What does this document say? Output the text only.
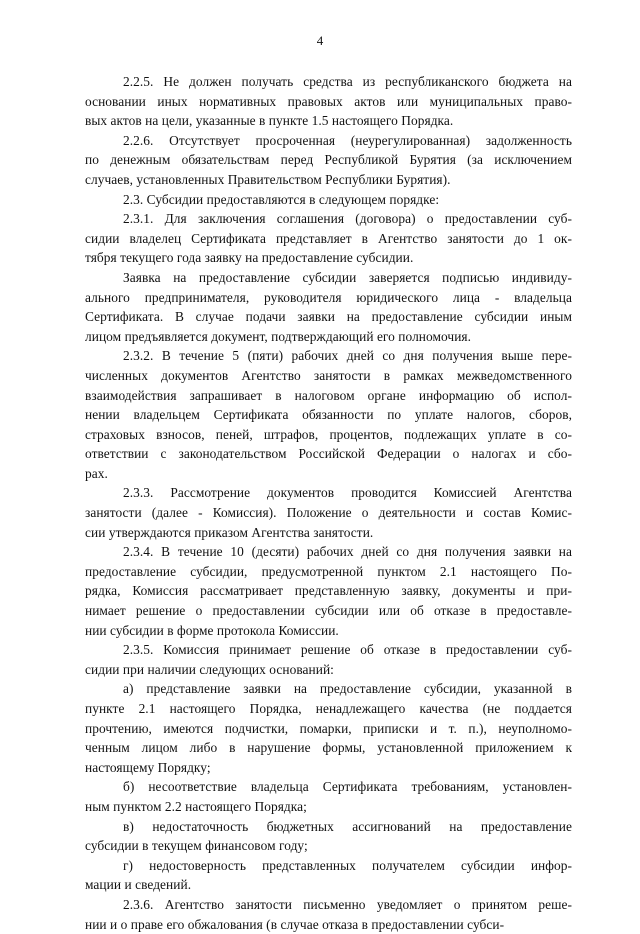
4

2.2.5. Не должен получать средства из республиканского бюджета на
основании иных нормативных правовых актов или муниципальных право-
вых актов на цели, указанные в пункте 1.5 настоящего Порядка.

2.2.6. Отсутствует просроченная (неурегулированная) задолженность
по денежным обязательствам перед Республикой Бурятия (за исключением
случаев, установленных Правительством Республики Бурятия).

2.3. Субсидии предоставляются в следующем порядке:

2.3.1. Для заключения соглашения (договора) о предоставлении суб-
сидии владелец Сертификата представляет в Агентство занятости до 1 ок-
тября текущего года заявку на предоставление субсидии.

Заявка на предоставление субсидии заверяется подписью индивиду-
ального предпринимателя, руководителя юридического лица - владельца
Сертификата. В случае подачи заявки на предоставление субсидии иным
лицом предъявляется документ, подтверждающий его полномочия.

2.3.2. В течение 5 (пяти) рабочих дней со дня получения выше пере-
численных документов Агентство занятости в рамках межведомственного
взаимодействия запрашивает в налоговом органе информацию об испол-
нении владельцем Сертификата обязанности по уплате налогов, сборов,
страховых взносов, пеней, штрафов, процентов, подлежащих уплате в со-
ответствии с законодательством Российской Федерации о налогах и сбо-
рах.

2.3.3. Рассмотрение документов проводится Комиссией Агентства
занятости (далее - Комиссия). Положение о деятельности и состав Комис-
сии утверждаются приказом Агентства занятости.

2.3.4. В течение 10 (десяти) рабочих дней со дня получения заявки на
предоставление субсидии, предусмотренной пунктом 2.1 настоящего По-
рядка, Комиссия рассматривает представленную заявку, документы и при-
нимает решение о предоставлении субсидии или об отказе в предоставле-
нии субсидии в форме протокола Комиссии.

2.3.5. Комиссия принимает решение об отказе в предоставлении суб-
сидии при наличии следующих оснований:

а) представление заявки на предоставление субсидии, указанной в
пункте 2.1 настоящего Порядка, ненадлежащего качества (не поддается
прочтению, имеются подчистки, помарки, приписки и т. п.), неуполномо-
ченным лицом либо в нарушение формы, установленной приложением к
настоящему Порядку;

б) несоответствие владельца Сертификата требованиям, установлен-
ным пунктом 2.2 настоящего Порядка;

в) недостаточность бюджетных ассигнований на предоставление
субсидии в текущем финансовом году;

г) недостоверность представленных получателем субсидии инфор-
мации и сведений.

2.3.6. Агентство занятости письменно уведомляет о принятом реше-
нии и о праве его обжалования (в случае отказа в предоставлении субси-
